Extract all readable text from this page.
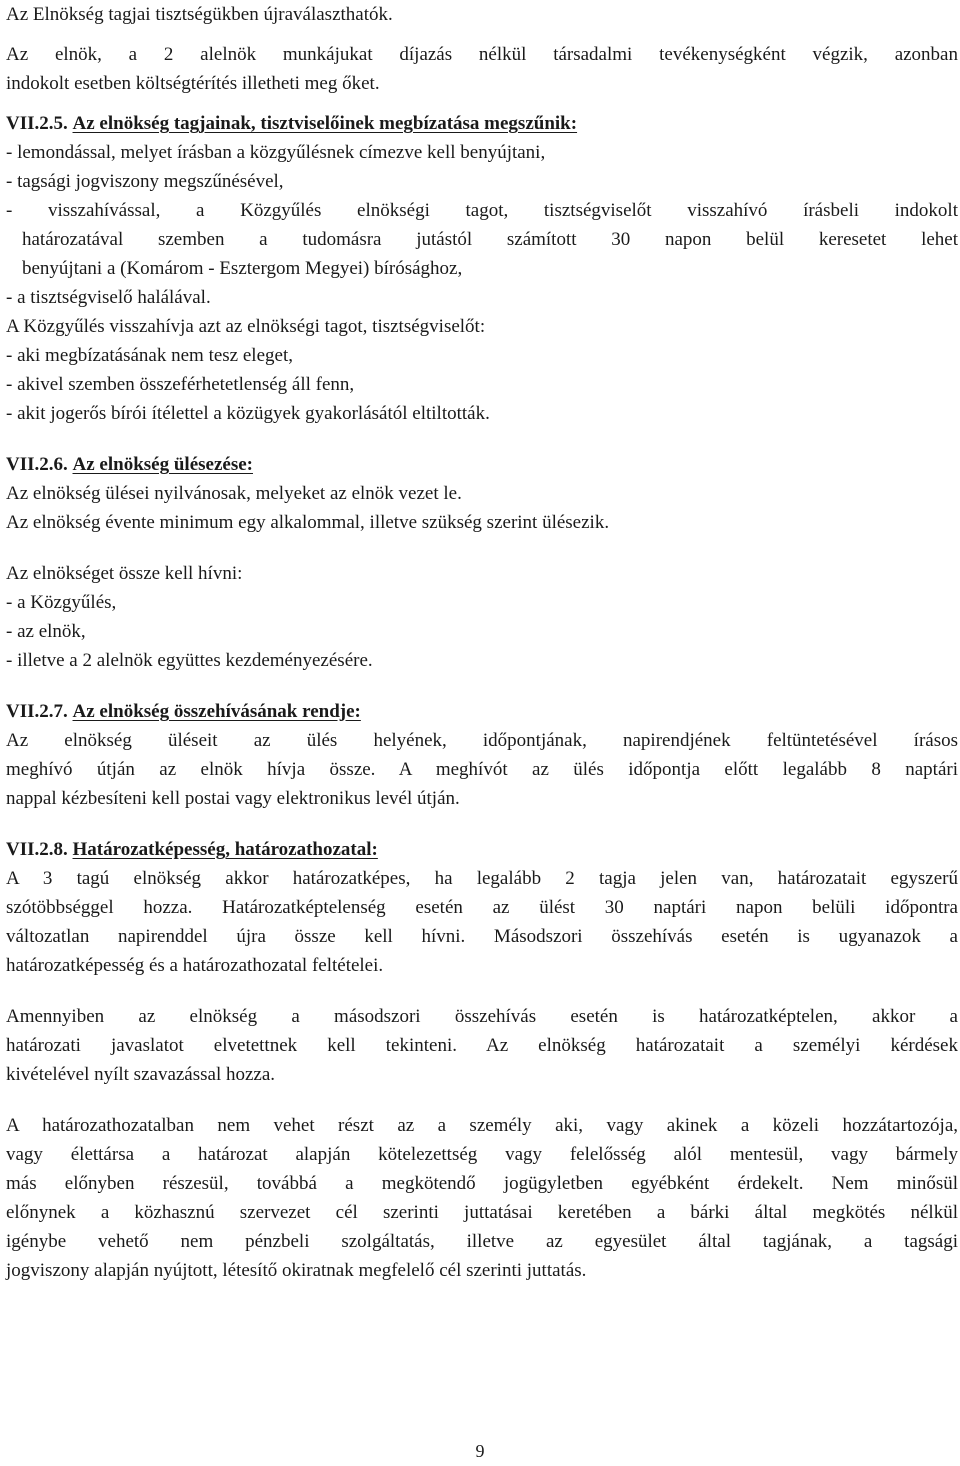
Az Elnökség tagjai tisztségükben újraválaszthatók.
Az elnök, a 2 alelnök munkájukat díjazás nélkül társadalmi tevékenységként végzik, azonban
indokolt esetben költségtérítés illetheti meg őket.
VII.2.5. Az elnökség tagjainak, tisztviselőinek megbízatása megszűnik:
- lemondással, melyet írásban a közgyűlésnek címezve kell benyújtani,
- tagsági jogviszony megszűnésével,
- visszahívással, a Közgyűlés elnökségi tagot, tisztségviselőt visszahívó írásbeli indokolt
határozatával szemben a tudomásra jutástól számított 30 napon belül keresetet lehet
benyújtani a (Komárom - Esztergom Megyei) bírósághoz,
- a tisztségviselő halálával.
A Közgyűlés visszahívja azt az elnökségi tagot, tisztségviselőt:
- aki megbízatásának nem tesz eleget,
- akivel szemben összeférhetetlenség áll fenn,
- akit jogerős bírói ítélettel a közügyek gyakorlásától eltiltották.
VII.2.6. Az elnökség ülésezése:
Az elnökség ülései nyilvánosak, melyeket az elnök vezet le.
Az elnökség évente minimum egy alkalommal, illetve szükség szerint ülésezik.
Az elnökséget össze kell hívni:
- a Közgyűlés,
- az elnök,
- illetve a 2 alelnök együttes kezdeményezésére.
VII.2.7. Az elnökség összehívásának rendje:
Az elnökség üléseit az ülés helyének, időpontjának, napirendjének feltüntetésével írásos
meghívó útján az elnök hívja össze. A meghívót az ülés időpontja előtt legalább 8 naptári
nappal kézbesíteni kell postai vagy elektronikus levél útján.
VII.2.8. Határozatképesség, határozathozatal:
A 3 tagú elnökség akkor határozatképes, ha legalább 2 tagja jelen van, határozatait egyszerű
szótöbbséggel hozza. Határozatképtelenség esetén az ülést 30 naptári napon belüli időpontra
változatlan napirenddel újra össze kell hívni. Másodszori összehívás esetén is ugyanazok a
határozatképesség és a határozathozatal feltételei.
Amennyiben az elnökség a másodszori összehívás esetén is határozatképtelen, akkor a
határozati javaslatot elvetettnek kell tekinteni. Az elnökség határozatait a személyi kérdések
kivételével nyílt szavazással hozza.
A határozathozatalban nem vehet részt az a személy aki, vagy akinek a közeli hozzátartozója,
vagy élettársa a határozat alapján kötelezettség vagy felelősség alól mentesül, vagy bármely
más előnyben részesül, továbbá a megkötendő jogügyletben egyébként érdekelt. Nem minősül
előnynek a közhasznú szervezet cél szerinti juttatásai keretében a bárki által megkötés nélkül
igénybe vehető nem pénzbeli szolgáltatás, illetve az egyesület által tagjának, a tagsági
jogviszony alapján nyújtott, létesítő okiratnak megfelelő cél szerinti juttatás.
9
